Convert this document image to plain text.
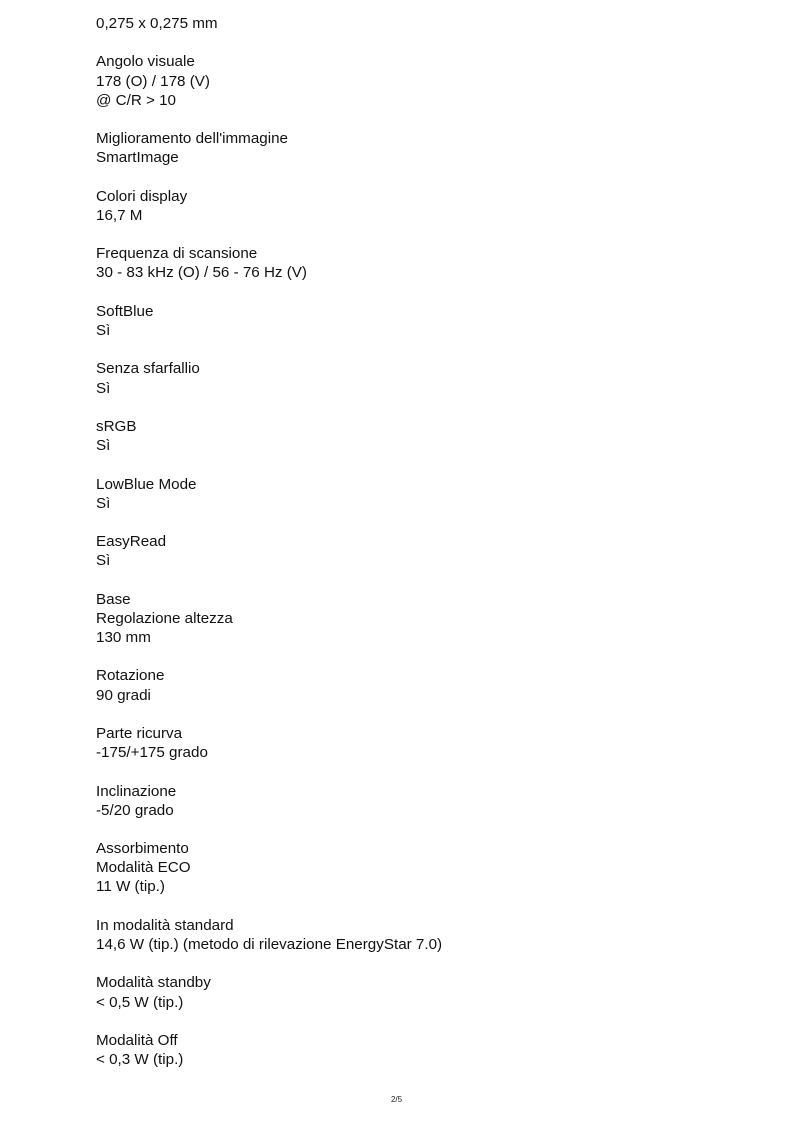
0,275 x 0,275 mm
Angolo visuale
178 (O) / 178 (V)
@ C/R > 10
Miglioramento dell'immagine
SmartImage
Colori display
16,7 M
Frequenza di scansione
30 - 83 kHz (O) / 56 - 76 Hz (V)
SoftBlue
Sì
Senza sfarfallio
Sì
sRGB
Sì
LowBlue Mode
Sì
EasyRead
Sì
Base
Regolazione altezza
130 mm
Rotazione
90 gradi
Parte ricurva
-175/+175 grado
Inclinazione
-5/20 grado
Assorbimento
Modalità ECO
11 W (tip.)
In modalità standard
14,6 W (tip.) (metodo di rilevazione EnergyStar 7.0)
Modalità standby
< 0,5 W (tip.)
Modalità Off
< 0,3 W (tip.)
2/5
